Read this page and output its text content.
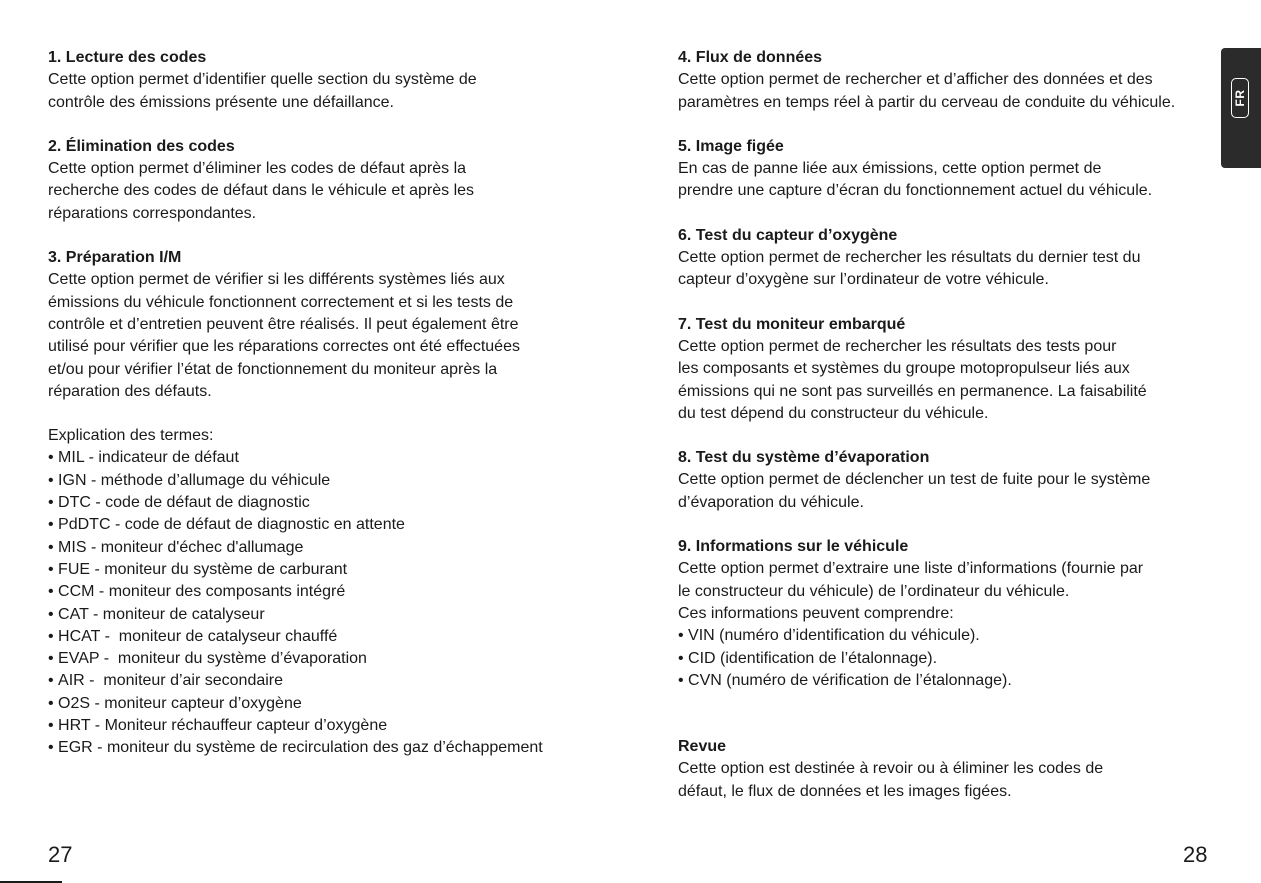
1. Lecture des codes

Cette option permet d’identifier quelle section du système de

contrôle des émissions présente une défaillance.

2. Élimination des codes

Cette option permet d’éliminer les codes de défaut après la

recherche des codes de défaut dans le véhicule et après les

réparations correspondantes.

3. Préparation I/M

Cette option permet de vérifier si les différents systèmes liés aux

émissions du véhicule fonctionnent correctement et si les tests de

contrôle et d’entretien peuvent être réalisés. Il peut également être

utilisé pour vérifier que les réparations correctes ont été effectuées

et/ou pour vérifier l’état de fonctionnement du moniteur après la

réparation des défauts.

Explication des termes:

• MIL - indicateur de défaut
• IGN - méthode d’allumage du véhicule
• DTC - code de défaut de diagnostic
• PdDTC - code de défaut de diagnostic en attente
• MIS - moniteur d'échec d'allumage
• FUE - moniteur du système de carburant
• CCM - moniteur des composants intégré
• CAT - moniteur de catalyseur
• HCAT -  moniteur de catalyseur chauffé
• EVAP -  moniteur du système d’évaporation
• AIR -  moniteur d’air secondaire
• O2S - moniteur capteur d’oxygène
• HRT - Moniteur réchauffeur capteur d’oxygène
• EGR - moniteur du système de recirculation des gaz d’échappement
27

4. Flux de données

Cette option permet de rechercher et d’afficher des données et des

paramètres en temps réel à partir du cerveau de conduite du véhicule.

5. Image figée

En cas de panne liée aux émissions, cette option permet de

prendre une capture d’écran du fonctionnement actuel du véhicule.

6. Test du capteur d’oxygène

Cette option permet de rechercher les résultats du dernier test du

capteur d’oxygène sur l’ordinateur de votre véhicule.

7. Test du moniteur embarqué

Cette option permet de rechercher les résultats des tests pour

les composants et systèmes du groupe motopropulseur liés aux

émissions qui ne sont pas surveillés en permanence. La faisabilité

du test dépend du constructeur du véhicule.

8. Test du système d’évaporation

Cette option permet de déclencher un test de fuite pour le système

d’évaporation du véhicule.

9. Informations sur le véhicule

Cette option permet d’extraire une liste d’informations (fournie par

le constructeur du véhicule) de l’ordinateur du véhicule.

Ces informations peuvent comprendre:

• VIN (numéro d’identification du véhicule).
• CID (identification de l’étalonnage).
• CVN (numéro de vérification de l’étalonnage).

Revue

Cette option est destinée à revoir ou à éliminer les codes de

défaut, le flux de données et les images figées.

28
FR
